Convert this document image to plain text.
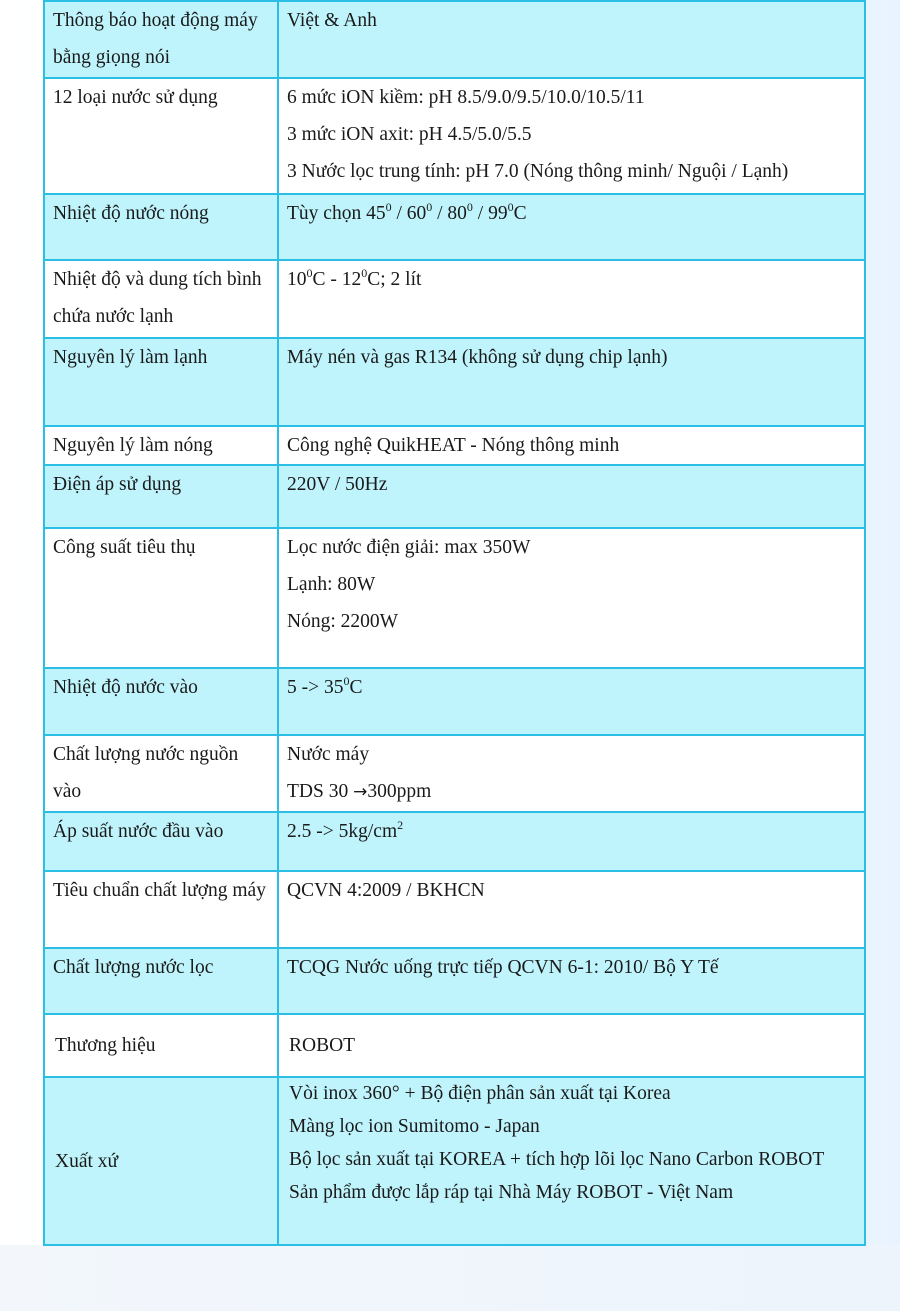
Thông báo hoạt động máy bằng giọng nói	Việt & Anh

12 loại nước sử dụng	6 mức iON kiềm: pH 8.5/9.0/9.5/10.0/10.5/11
3 mức iON axit: pH 4.5/5.0/5.5
3 Nước lọc trung tính: pH 7.0 (Nóng thông minh/ Nguội / Lạnh)

Nhiệt độ nước nóng	Tùy chọn $45^0 / 60^0 / 80^0 / 99^0C$
Nhiệt độ và dung tích bình chứa nước lạnh	$10^0C - 12^0C$; 2 lít
Nguyên lý làm lạnh	Máy nén và gas R134 (không sử dụng chip lạnh)

Nguyên lý làm nóng	Công nghệ QuikHEAT - Nóng thông minh

Điện áp sử dụng	220V / 50Hz

Công suất tiêu thụ	Lọc nước điện giải: max 350W
Lạnh: 80W
Nóng: 2200W

Nhiệt độ nước vào	$5 -> 35^0C$
Chất lượng nước nguồn vào	Nước máy
TDS 30 →300ppm

Áp suất nước đầu vào	$2.5 -> 5kg/cm^2$
Tiêu chuẩn chất lượng máy	QCVN 4:2009 / BKHCN

Chất lượng nước lọc	TCQG Nước uống trực tiếp QCVN 6-1: 2010/ Bộ Y Tế

Thương hiệu	ROBOT

Xuất xứ	Vòi inox 360° + Bộ điện phân sản xuất tại Korea
Màng lọc ion Sumitomo - Japan
Bộ lọc sản xuất tại KOREA + tích hợp lõi lọc Nano Carbon ROBOT
Sản phẩm được lắp ráp tại Nhà Máy ROBOT - Việt Nam
